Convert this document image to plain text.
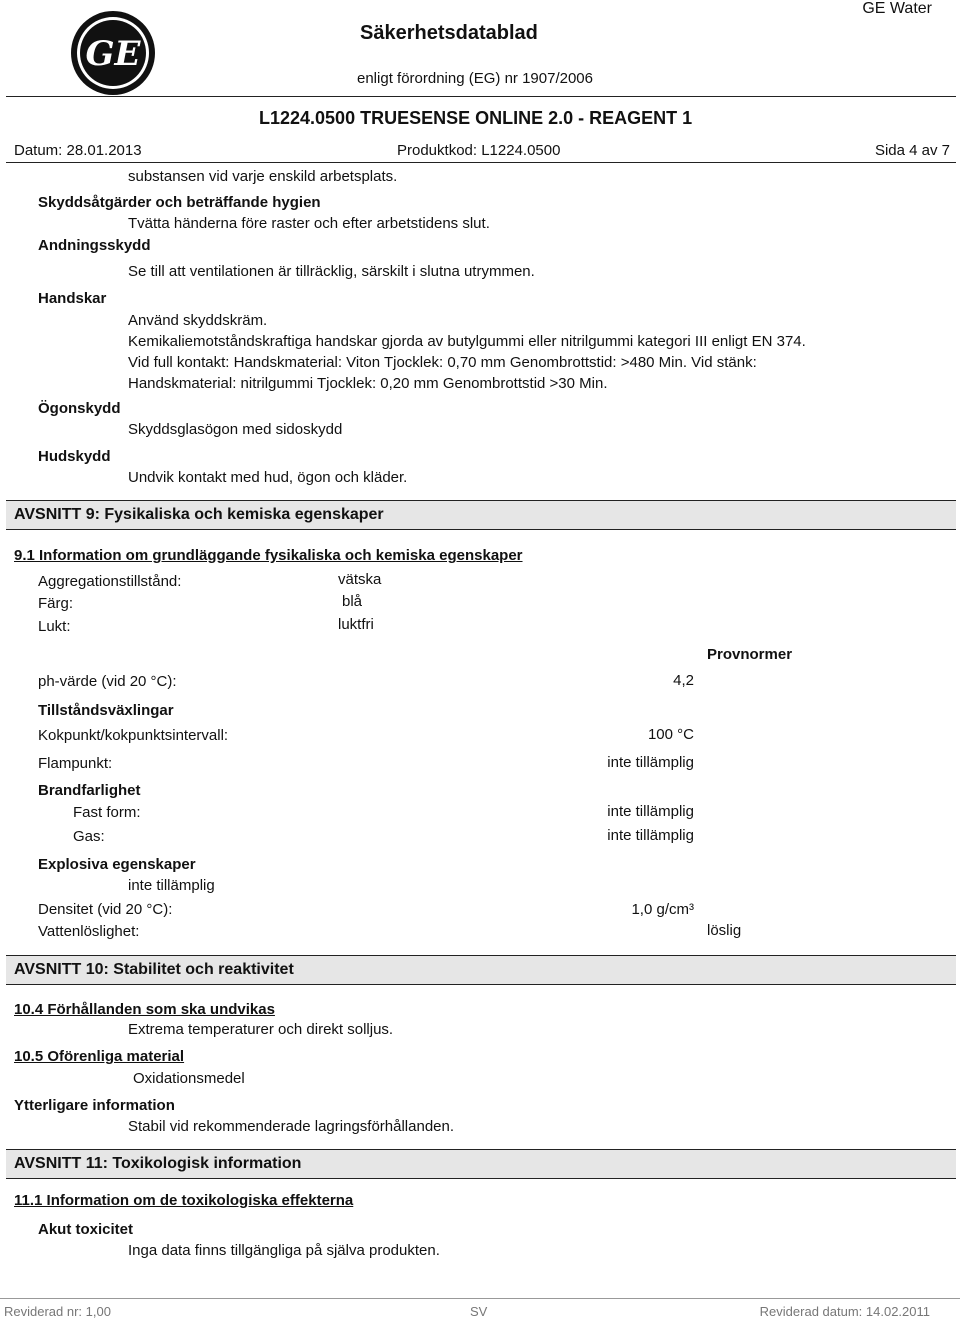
GE
Säkerhetsdatablad
GE Water
enligt förordning (EG) nr 1907/2006
L1224.0500 TRUESENSE ONLINE 2.0 - REAGENT 1
Datum: 28.01.2013	Produktkod: L1224.0500	Sida 4 av 7
substansen vid varje enskild arbetsplats.
Skyddsåtgärder och beträffande hygien
Tvätta händerna före raster och efter arbetstidens slut.
Andningsskydd
Se till att ventilationen är tillräcklig, särskilt i slutna utrymmen.
Handskar
Använd skyddskräm.
Kemikaliemotståndskraftiga handskar gjorda av butylgummi eller nitrilgummi kategori III enligt EN 374.
Vid full kontakt: Handskmaterial: Viton Tjocklek: 0,70 mm Genombrottstid: >480 Min. Vid stänk:
Handskmaterial: nitrilgummi Tjocklek: 0,20 mm Genombrottstid >30 Min.
Ögonskydd
Skyddsglasögon med sidoskydd
Hudskydd
Undvik kontakt med hud, ögon och kläder.
AVSNITT 9: Fysikaliska och kemiska egenskaper
9.1 Information om grundläggande fysikaliska och kemiska egenskaper
Aggregationstillstånd:	vätska
Färg:	blå
Lukt:	luktfri
Provnormer
ph-värde (vid 20 °C):	4,2
Tillståndsväxlingar
Kokpunkt/kokpunktsintervall:	100 °C
Flampunkt:	inte tillämplig
Brandfarlighet
Fast form:	inte tillämplig
Gas:	inte tillämplig
Explosiva egenskaper
inte tillämplig
Densitet (vid 20 °C):	1,0 g/cm³
Vattenlöslighet:	löslig
AVSNITT 10: Stabilitet och reaktivitet
10.4 Förhållanden som ska undvikas
Extrema temperaturer och direkt solljus.
10.5 Oförenliga material
Oxidationsmedel
Ytterligare information
Stabil vid rekommenderade lagringsförhållanden.
AVSNITT 11: Toxikologisk information
11.1 Information om de toxikologiska effekterna
Akut toxicitet
Inga data finns tillgängliga på själva produkten.
Reviderad nr: 1,00	SV	Reviderad datum: 14.02.2011
